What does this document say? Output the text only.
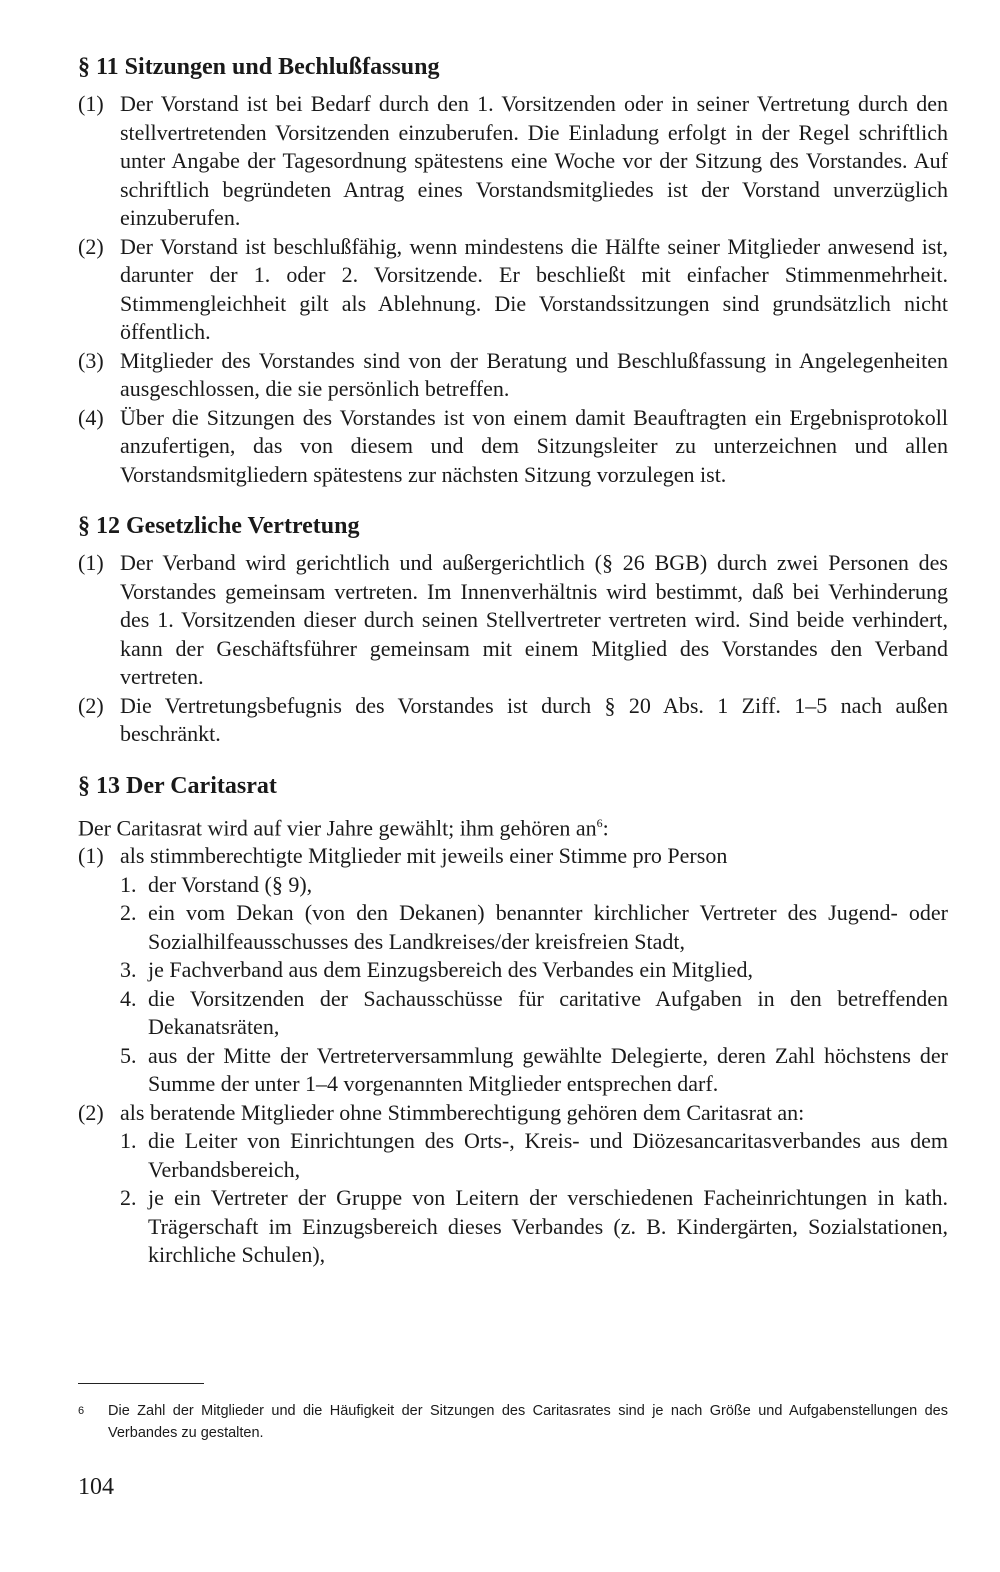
§ 11 Sitzungen und Bechlußfassung
(1) Der Vorstand ist bei Bedarf durch den 1. Vorsitzenden oder in seiner Vertretung durch den stellvertretenden Vorsitzenden einzuberufen. Die Einladung erfolgt in der Regel schriftlich unter Angabe der Tagesordnung spätestens eine Woche vor der Sitzung des Vorstandes. Auf schriftlich begründeten Antrag eines Vorstandsmitgliedes ist der Vorstand unverzüglich einzuberufen.
(2) Der Vorstand ist beschlußfähig, wenn mindestens die Hälfte seiner Mitglieder anwesend ist, darunter der 1. oder 2. Vorsitzende. Er beschließt mit einfacher Stimmenmehrheit. Stimmengleichheit gilt als Ablehnung. Die Vorstandssitzungen sind grundsätzlich nicht öffentlich.
(3) Mitglieder des Vorstandes sind von der Beratung und Beschlußfassung in Angelegenheiten ausgeschlossen, die sie persönlich betreffen.
(4) Über die Sitzungen des Vorstandes ist von einem damit Beauftragten ein Ergebnisprotokoll anzufertigen, das von diesem und dem Sitzungsleiter zu unterzeichnen und allen Vorstandsmitgliedern spätestens zur nächsten Sitzung vorzulegen ist.
§ 12 Gesetzliche Vertretung
(1) Der Verband wird gerichtlich und außergerichtlich (§ 26 BGB) durch zwei Personen des Vorstandes gemeinsam vertreten. Im Innenverhältnis wird bestimmt, daß bei Verhinderung des 1. Vorsitzenden dieser durch seinen Stellvertreter vertreten wird. Sind beide verhindert, kann der Geschäftsführer gemeinsam mit einem Mitglied des Vorstandes den Verband vertreten.
(2) Die Vertretungsbefugnis des Vorstandes ist durch § 20 Abs. 1 Ziff. 1–5 nach außen beschränkt.
§ 13 Der Caritasrat

Der Caritasrat wird auf vier Jahre gewählt; ihm gehören $an^6$:

(1) als stimmberechtigte Mitglieder mit jeweils einer Stimme pro Person
1. der Vorstand (§ 9),
2. ein vom Dekan (von den Dekanen) benannter kirchlicher Vertreter des Jugend- oder Sozialhilfeausschusses des Landkreises/der kreisfreien Stadt,
3. je Fachverband aus dem Einzugsbereich des Verbandes ein Mitglied,
4. die Vorsitzenden der Sachausschüsse für caritative Aufgaben in den betreffenden Dekanatsräten,
5. aus der Mitte der Vertreterversammlung gewählte Delegierte, deren Zahl höchstens der Summe der unter 1–4 vorgenannten Mitglieder entsprechen darf.
(2) als beratende Mitglieder ohne Stimmberechtigung gehören dem Caritasrat an:
1. die Leiter von Einrichtungen des Orts-, Kreis- und Diözesancaritasverbandes aus dem Verbandsbereich,
2. je ein Vertreter der Gruppe von Leitern der verschiedenen Facheinrichtungen in kath. Trägerschaft im Einzugsbereich dieses Verbandes (z. B. Kindergärten, Sozialstationen, kirchliche Schulen),
6	Die Zahl der Mitglieder und die Häufigkeit der Sitzungen des Caritasrates sind je nach Größe und Aufgabenstellungen des Verbandes zu gestalten.
104
